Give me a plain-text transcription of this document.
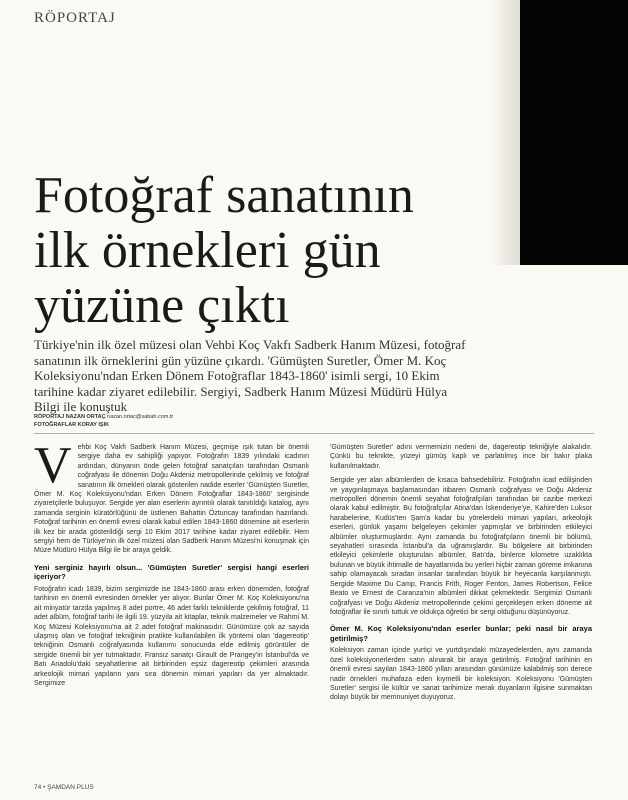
RÖPORTAJ
Fotoğraf sanatının
ilk örnekleri gün
yüzüne çıktı

Türkiye'nin ilk özel müzesi olan Vehbi Koç Vakfı Sadberk Hanım Müzesi, fotoğraf sanatının ilk örneklerini gün yüzüne çıkardı. 'Gümüşten Suretler, Ömer M. Koç Koleksiyonu'ndan Erken Dönem Fotoğraflar 1843-1860' isimli sergi, 10 Ekim tarihine kadar ziyaret edilebilir. Sergiyi, Sadberk Hanım Müzesi Müdürü Hülya Bilgi ile konuştuk

RÖPORTAJ NAZAN ORTAÇ nazan.ortac@sabah.com.tr
FOTOĞRAFLAR KORAY IŞIK

Vehbi Koç Vakfı Sadberk Hanım Müzesi, geçmişe ışık tutan bir önemli sergiye daha ev sahipliği yapıyor. Fotoğrafın 1839 yılındaki icadının ardından, dünyanın önde gelen fotoğraf sanatçıları tarafından Osmanlı coğrafyası ile dönemin Doğu Akdeniz metropollerinde çekilmiş ve fotoğraf sanatının ilk örnekleri olarak gösterilen nadide eserler 'Gümüşten Suretler, Ömer M. Koç Koleksiyonu'ndan Erken Dönem Fotoğraflar 1843-1860' sergisinde ziyaretçilerle buluşuyor. Sergide yer alan eserlerin ayrıntılı olarak tanıtıldığı katalog, aynı zamanda serginin küratörlüğünü de üstlenen Bahattin Öztuncay tarafından hazırlandı. Fotoğraf tarihinin en önemli evresi olarak kabul edilen 1843-1860 dönemine ait eserlerin ilk kez bir arada gösterildiği sergi 10 Ekim 2017 tarihine kadar ziyaret edilebilir. Hem sergiyi hem de Türkiye'nin ilk özel müzesi olan Sadberk Hanım Müzesi'ni konuşmak için Müze Müdürü Hülya Bilgi ile bir araya geldik.

Yeni serginiz hayırlı olsun... 'Gümüşten Suretler' sergisi hangi eserleri içeriyor?

Fotoğrafın icadı 1839, bizim sergimizde ise 1843-1860 arası erken dönemden, fotoğraf tarihinin en önemli evresinden örnekler yer alıyor. Bunlar Ömer M. Koç Koleksiyonu'na ait minyatür tarzda yapılmış 8 adet portre, 46 adet farklı tekniklerde çekilmiş fotoğraf, 11 adet albüm, fotoğraf tarihi ile ilgili 19. yüzyıla ait kitaplar, teknik malzemeler ve Rahmi M. Koç Müzesi Koleksiyonu'na ait 2 adet fotoğraf makinasıdır. Günümüze çok az sayıda ulaşmış olan ve fotoğraf tekniğinin pratikte kullanılabilen ilk yöntemi olan 'dagereotip' tekniğinin Osmanlı coğrafyasında kullanımı sonucunda elde edilmiş görüntüler de sergide önemli bir yer tutmaktadır. Fransız sanatçı Girault de Prangey'in İstanbul'da ve Batı Anadolu'daki seyahatlerine ait birbirinden eşsiz dagereotip çekimleri arasında arkeolojik mimari yapıların yanı sıra dönemin mimari yapıları da yer almaktadır. Sergimize

'Gümüşten Suretler' adını vermemizin nedeni de, dagereotip tekniğiyle alakalıdır. Çünkü bu teknikte, yüzeyi gümüş kaplı ve parlatılmış ince bir bakır plaka kullanılmaktadır.

Sergide yer alan albümlerden de kısaca bahsedebiliriz. Fotoğrafın icad edilişinden ve yaygınlaşmaya başlamasından itibaren Osmanlı coğrafyası ve Doğu Akdeniz metropolleri dönemin önemli seyahat fotoğrafçıları tarafından bir cazibe merkezi olarak kabul edilmiştir. Bu fotoğrafçılar Atina'dan İskenderiye'ye, Kahire'den Luksor harabelerine, Kudüs'ten Şam'a kadar bu yörelerdeki mimari yapıları, arkeolojik eserleri, günlük yaşamı belgeleyen çekimler yapmışlar ve birbirinden etkileyici albümler oluşturmuşlardır. Aynı zamanda bu fotoğrafçıların önemli bir bölümü, seyahatleri sırasında İstanbul'a da uğramışlardır. Bu bölgelere ait birbirinden etkileyici çekimlerle oluşturulan albümler, Batı'da, binlerce kilometre uzaklıkta bulunan ve büyük ihtimalle de hayatlarında bu yerleri hiçbir zaman göreme imkanına sahip olamayacak sıradan insanlar tarafından büyük bir heyecanla karşılanmıştı. Sergide Maxime Du Camp, Francis Frith, Roger Fenton, James Robertson, Felice Beato ve Ernest de Caranza'nın albümleri dikkat çekmektedir. Sergimizi Osmanlı coğrafyası ve Doğu Akdeniz metropollerinde çekimi gerçekleşen erken döneme ait fotoğraflar ile sınırlı tuttuk ve oldukça öğretici bir sergi olduğunu düşünüyoruz.

Ömer M. Koç Koleksiyonu'ndan eserler bunlar; peki nasıl bir araya getirilmiş?

Koleksiyon zaman içinde yurtiçi ve yurtdışındaki müzayedelerden, aynı zamanda özel koleksiyonerlerden satın alınarak bir araya getirilmiş. Fotoğraf tarihinin en önemli evresi sayılan 1843-1860 yılları arasından günümüze kalabilmiş son derece nadir örnekleri muhafaza eden kıymetli bir koleksiyon. Koleksiyonu 'Gümüşten Suretler' sergisi ile kültür ve sanat tarihimize merak duyanların ilgisine sunmaktan dolayı büyük bir memnuniyet duyuyoruz.

74 • ŞAMDAN PLUS
